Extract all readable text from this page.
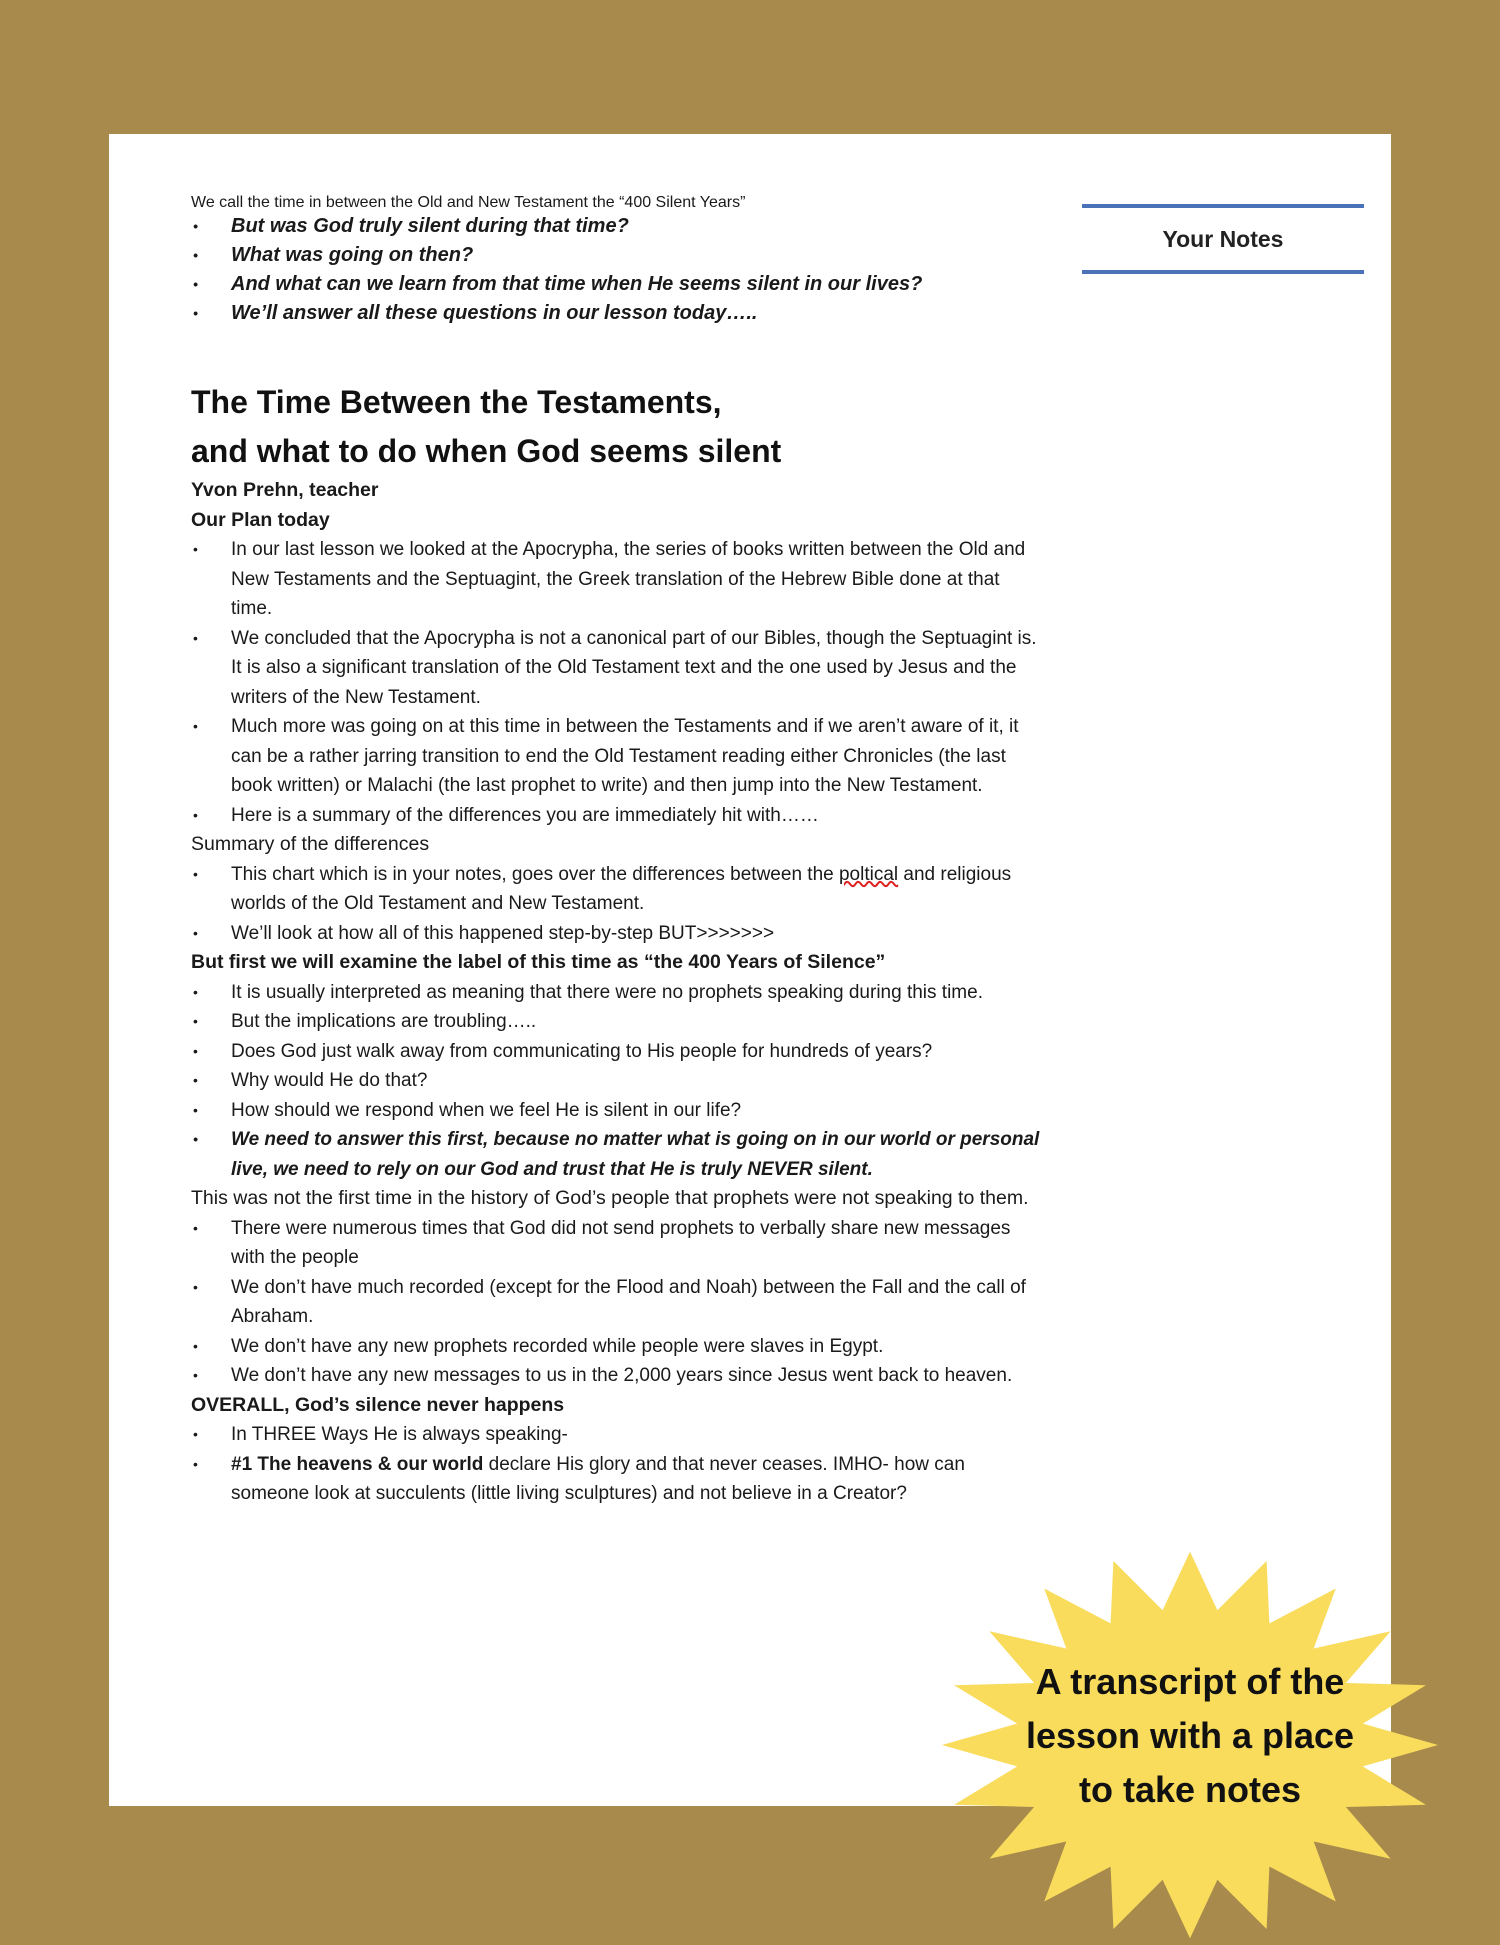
We call the time in between the Old and New Testament the “400 Silent Years”

• But was God truly silent during that time?
• What was going on then?
• And what can we learn from that time when He seems silent in our lives?
• We’ll answer all these questions in our lesson today…..
The Time Between the Testaments,
and what to do when God seems silent

Yvon Prehn, teacher

Our Plan today

• In our last lesson we looked at the Apocrypha, the series of books written between the Old and New Testaments and the Septuagint, the Greek translation of the Hebrew Bible done at that time.
• We concluded that the Apocrypha is not a canonical part of our Bibles, though the Septuagint is. It is also a significant translation of the Old Testament text and the one used by Jesus and the writers of the New Testament.
• Much more was going on at this time in between the Testaments and if we aren’t aware of it, it can be a rather jarring transition to end the Old Testament reading either Chronicles (the last book written) or Malachi (the last prophet to write) and then jump into the New Testament.
• Here is a summary of the differences you are immediately hit with……

Summary of the differences

• This chart which is in your notes, goes over the differences between the poltical and religious worlds of the Old Testament and New Testament.
• We’ll look at how all of this happened step-by-step BUT>>>>>>>

But first we will examine the label of this time as “the 400 Years of Silence”

• It is usually interpreted as meaning that there were no prophets speaking during this time.
• But the implications are troubling…..
• Does God just walk away from communicating to His people for hundreds of years?
• Why would He do that?
• How should we respond when we feel He is silent in our life?
• We need to answer this first, because no matter what is going on in our world or personal live, we need to rely on our God and trust that He is truly NEVER silent.

This was not the first time in the history of God’s people that prophets were not speaking to them.

• There were numerous times that God did not send prophets to verbally share new messages with the people
• We don’t have much recorded (except for the Flood and Noah) between the Fall and the call of Abraham.
• We don’t have any new prophets recorded while people were slaves in Egypt.
• We don’t have any new messages to us in the 2,000 years since Jesus went back to heaven.

OVERALL, God’s silence never happens

• In THREE Ways He is always speaking-
• #1 The heavens & our world declare His glory and that never ceases. IMHO- how can someone look at succulents (little living sculptures) and not believe in a Creator?
Your Notes
A transcript of the
lesson with a place
to take notes
